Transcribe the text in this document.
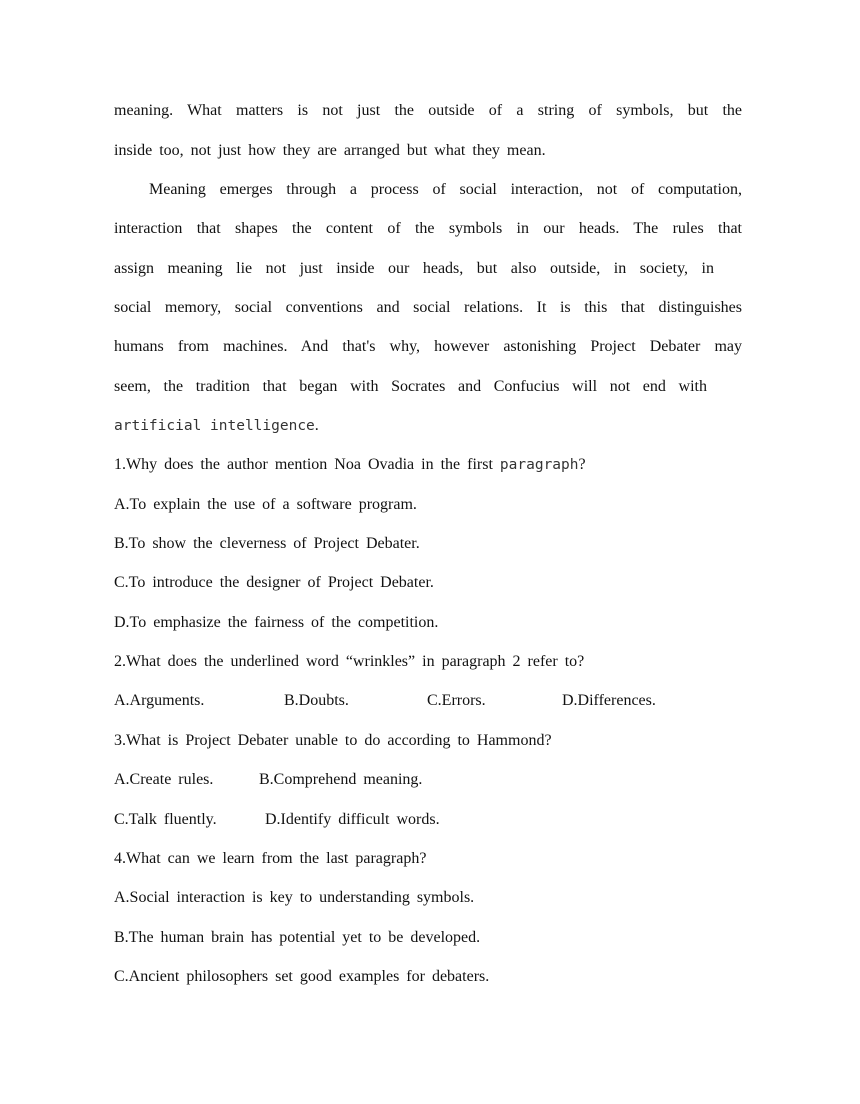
meaning. What matters is not just the outside of a string of symbols, but the
inside too, not just how they are arranged but what they mean.
Meaning emerges through a process of social interaction, not of computation,
interaction that shapes the content of the symbols in our heads. The rules that
assign meaning lie not just inside our heads, but also outside, in society, in
social memory, social conventions and social relations. It is this that distinguishes
humans from machines. And that's why, however astonishing Project Debater may
seem, the tradition that began with Socrates and Confucius will not end with
artificial intelligence.
1.Why does the author mention Noa Ovadia in the first paragraph?
A.To explain the use of a software program.
B.To show the cleverness of Project Debater.
C.To introduce the designer of Project Debater.
D.To emphasize the fairness of the competition.
2.What does the underlined word “wrinkles” in paragraph 2 refer to?
A.Arguments.	B.Doubts.	C.Errors.	D.Differences.
3.What is Project Debater unable to do according to Hammond?
A.Create rules.	B.Comprehend meaning.
C.Talk fluently.	D.Identify difficult words.
4.What can we learn from the last paragraph?
A.Social interaction is key to understanding symbols.
B.The human brain has potential yet to be developed.
C.Ancient philosophers set good examples for debaters.
